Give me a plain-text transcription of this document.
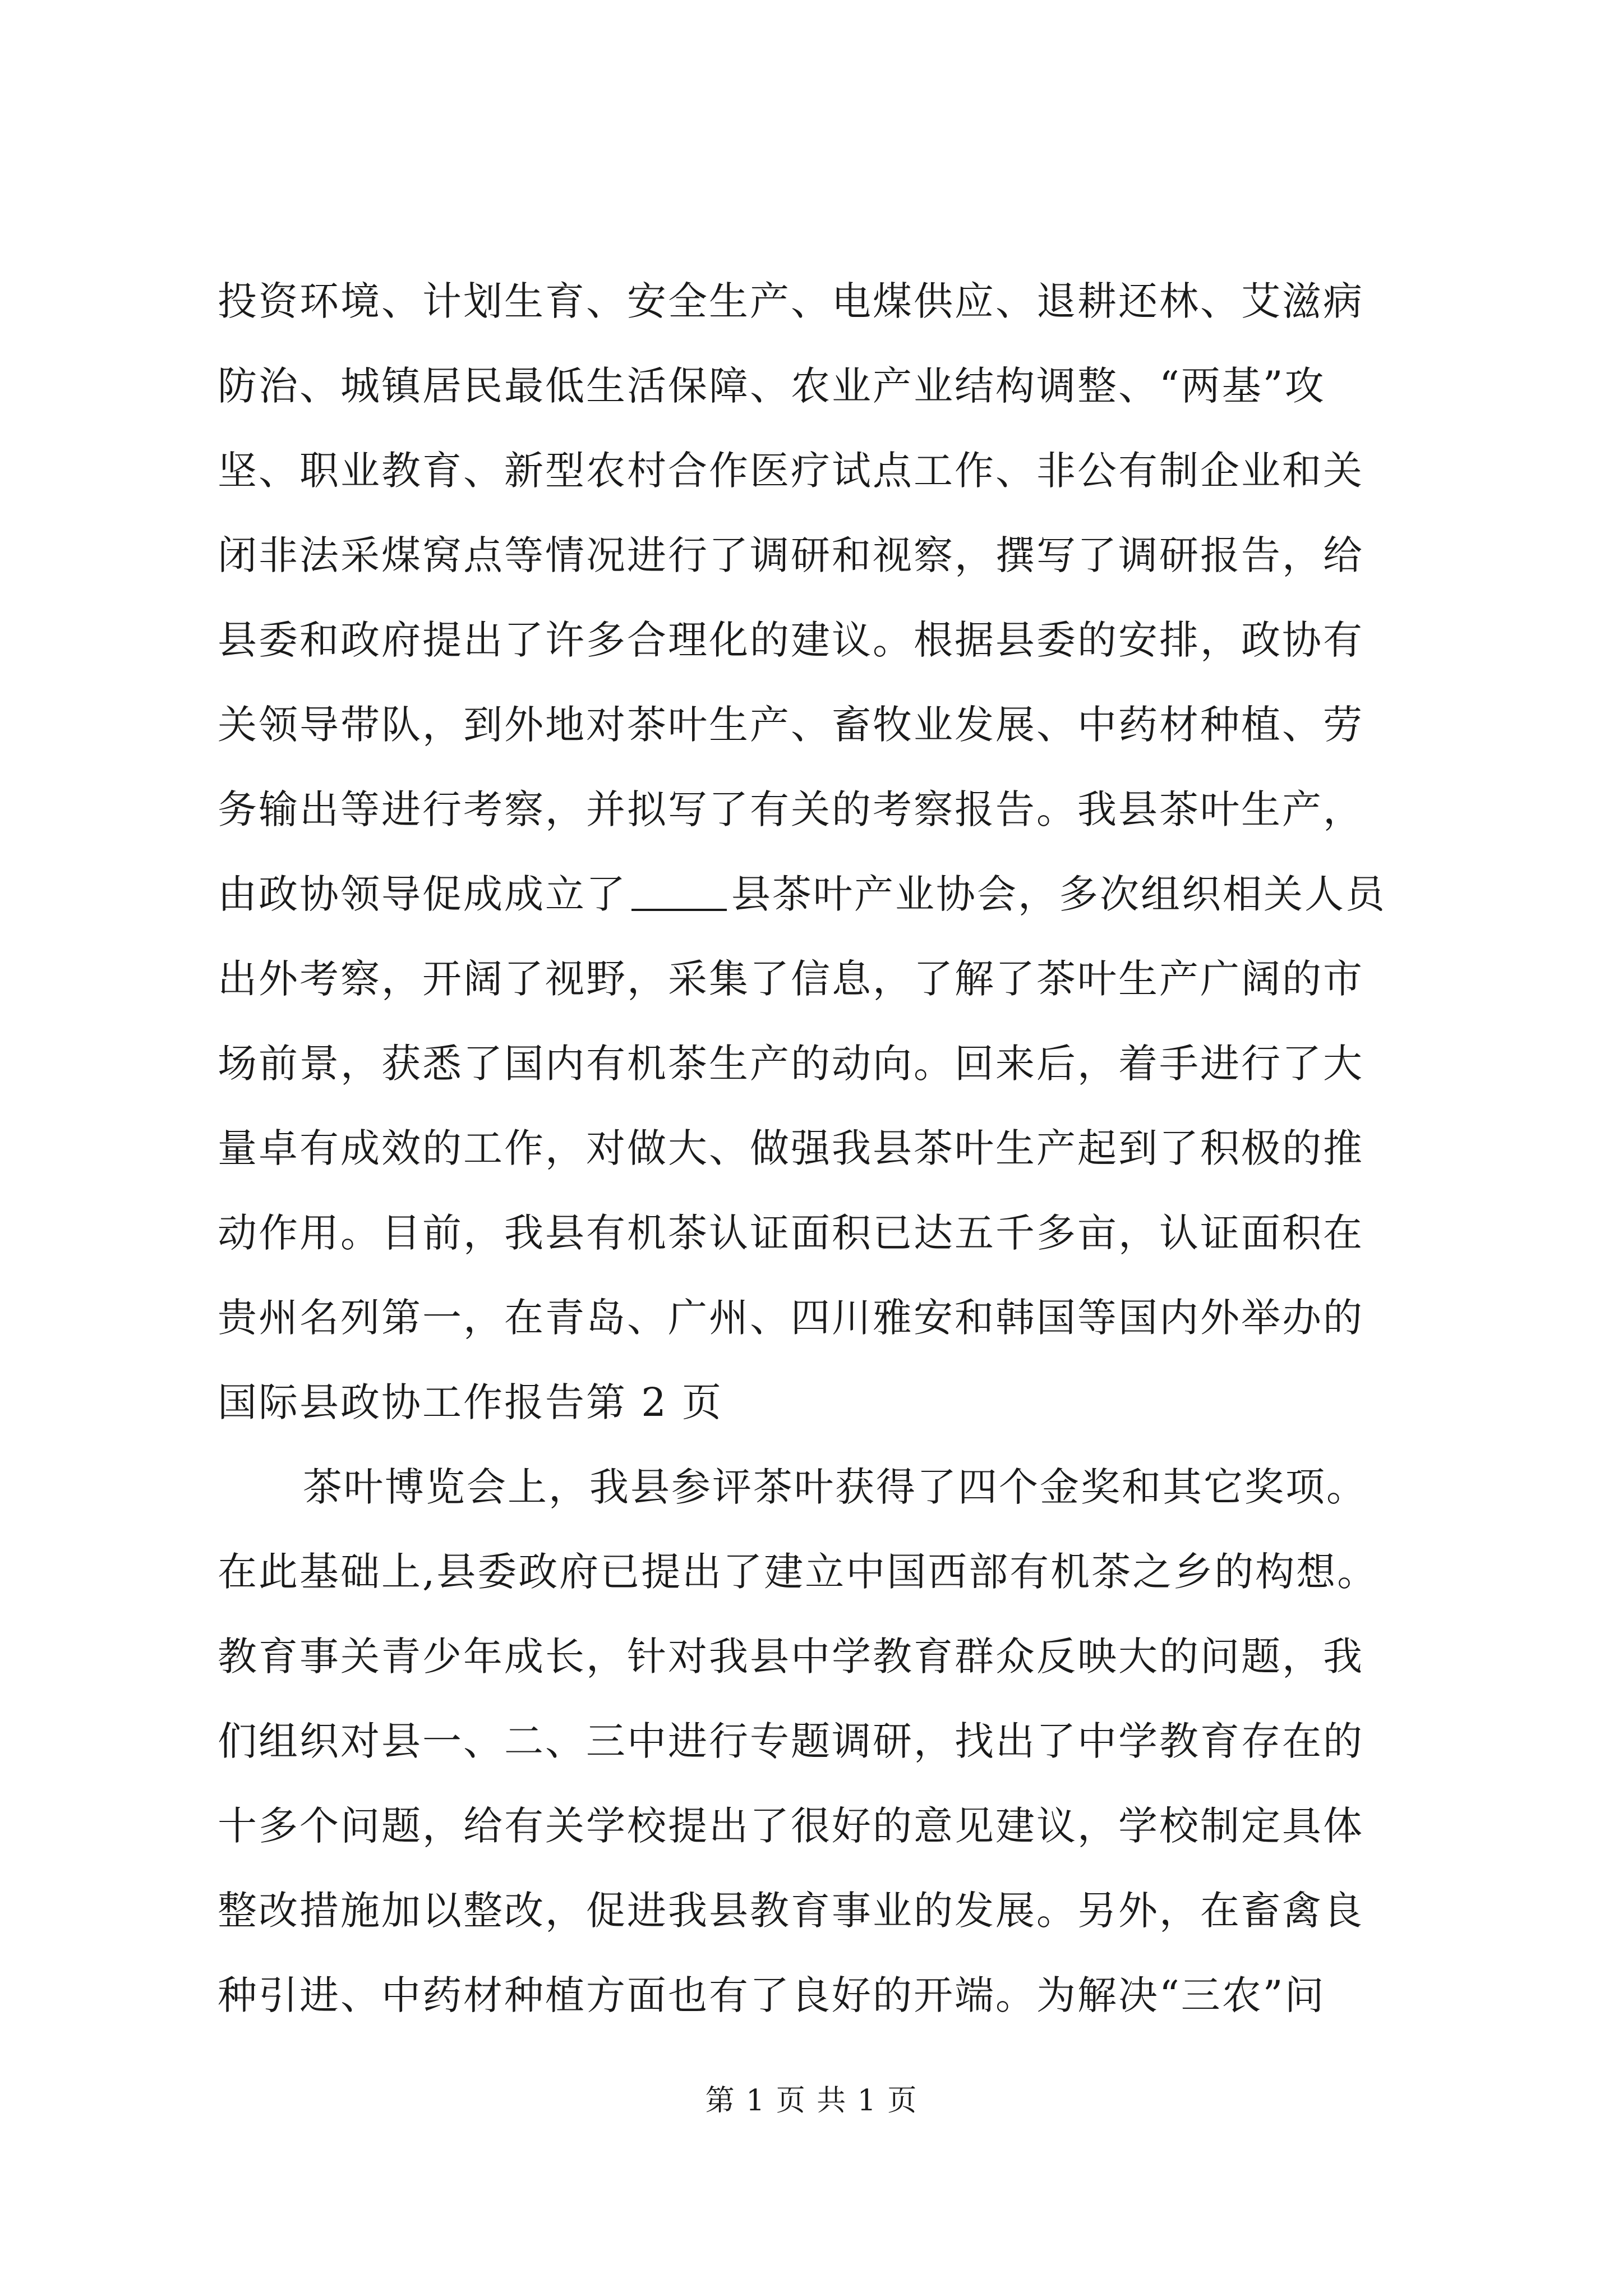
投资环境、计划生育、安全生产、电煤供应、退耕还林、艾滋病
防治、城镇居民最低生活保障、农业产业结构调整、“两基”攻
坚、职业教育、新型农村合作医疗试点工作、非公有制企业和关
闭非法采煤窝点等情况进行了调研和视察，撰写了调研报告，给
县委和政府提出了许多合理化的建议。根据县委的安排，政协有
关领导带队，到外地对茶叶生产、畜牧业发展、中药材种植、劳
务输出等进行考察，并拟写了有关的考察报告。我县茶叶生产，
由政协领导促成成立了	县茶叶产业协会，多次组织相关人员
出外考察，开阔了视野，采集了信息，了解了茶叶生产广阔的市
场前景，获悉了国内有机茶生产的动向。回来后，着手进行了大
量卓有成效的工作，对做大、做强我县茶叶生产起到了积极的推
动作用。目前，我县有机茶认证面积已达五千多亩，认证面积在
贵州名列第一，在青岛、广州、四川雅安和韩国等国内外举办的
国际县政协工作报告第 2 页
茶叶博览会上，我县参评茶叶获得了四个金奖和其它奖项。
在此基础上,县委政府已提出了建立中国西部有机茶之乡的构想。
教育事关青少年成长，针对我县中学教育群众反映大的问题，我
们组织对县一、二、三中进行专题调研，找出了中学教育存在的
十多个问题，给有关学校提出了很好的意见建议，学校制定具体
整改措施加以整改，促进我县教育事业的发展。另外，在畜禽良
种引进、中药材种植方面也有了良好的开端。为解决“三农”问
第 1 页 共 1 页
